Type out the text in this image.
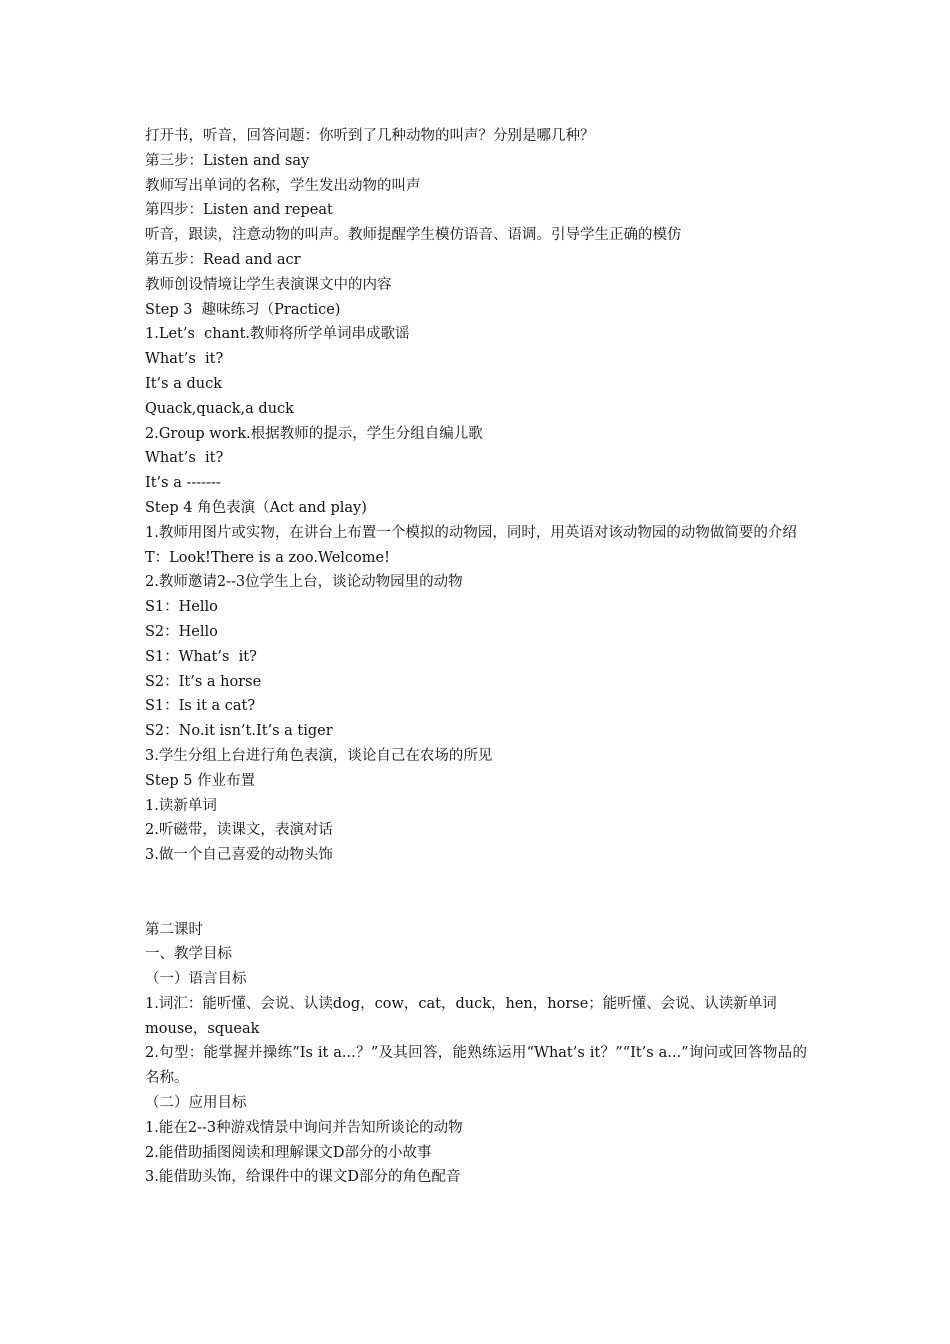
打开书，听音，回答问题：你听到了几种动物的叫声？分别是哪几种？
第三步：Listen and say
教师写出单词的名称，学生发出动物的叫声
第四步：Listen and repeat
听音，跟读，注意动物的叫声。教师提醒学生模仿语音、语调。引导学生正确的模仿
第五步：Read and acr
教师创设情境让学生表演课文中的内容
Step 3  趣味练习（Practice)
1.Let’s  chant.教师将所学单词串成歌谣
What’s  it?
It’s a duck
Quack,quack,a duck
2.Group work.根据教师的提示，学生分组自编儿歌
What’s  it?
It’s a -------
Step 4 角色表演（Act and play)
1.教师用图片或实物，在讲台上布置一个模拟的动物园，同时，用英语对该动物园的动物做简要的介绍
T：Look!There is a zoo.Welcome!
2.教师邀请2--3位学生上台，谈论动物园里的动物
S1：Hello
S2：Hello
S1：What’s  it?
S2：It’s a horse
S1：Is it a cat?
S2：No.it isn’t.It’s a tiger
3.学生分组上台进行角色表演，谈论自己在农场的所见
Step 5 作业布置
1.读新单词
2.听磁带，读课文，表演对话
3.做一个自己喜爱的动物头饰
第二课时
一、教学目标
（一）语言目标
1.词汇：能听懂、会说、认读dog，cow，cat，duck，hen，horse；能听懂、会说、认读新单词mouse，squeak
2.句型：能掌握并操练”Is it a...？”及其回答，能熟练运用“What’s it？”“It’s a...”询问或回答物品的名称。
（二）应用目标
1.能在2--3种游戏情景中询问并告知所谈论的动物
2.能借助插图阅读和理解课文D部分的小故事
3.能借助头饰，给课件中的课文D部分的角色配音
